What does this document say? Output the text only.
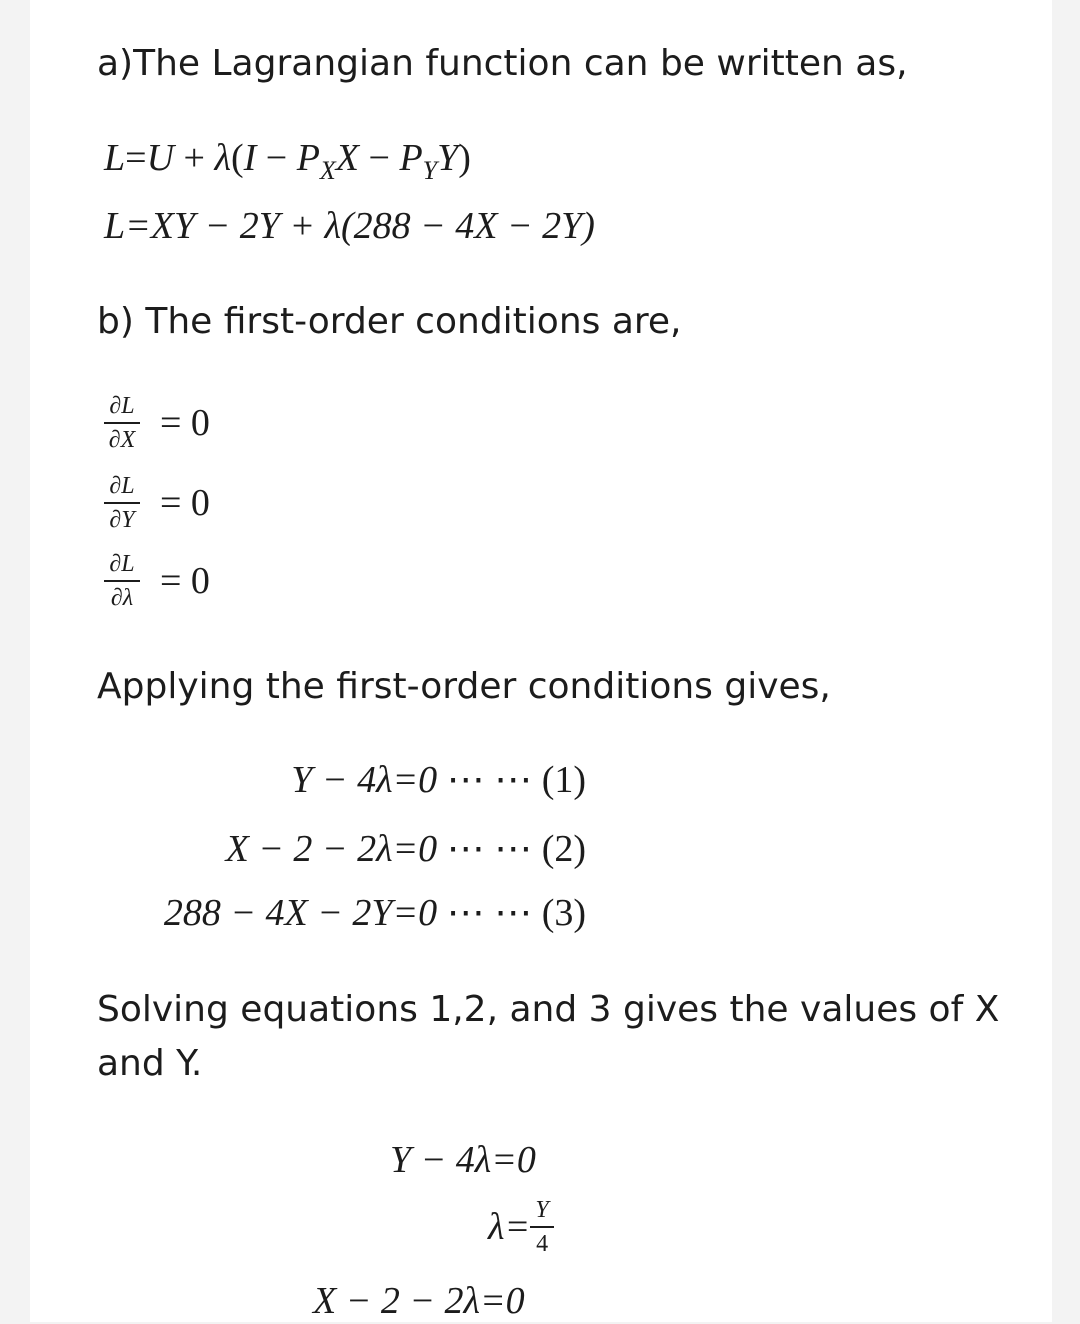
a)The Lagrangian function can be written as,
$L=U + \lambda(I - P_XX - P_YY)$
L=XY − 2Y + λ(288 − 4X − 2Y)
b) The first-order conditions are,
$\frac{\partial L}{\partial X} = 0$
$\frac{\partial L}{\partial Y} = 0$
$\frac{\partial L}{\partial\lambda} = 0$
Applying the first-order conditions gives,
Y − 4λ=0 ⋯ ⋯ (1)
X − 2 − 2λ=0 ⋯ ⋯ (2)
288 − 4X − 2Y=0 ⋯ ⋯ (3)
Solving equations 1,2, and 3 gives the values of X
and Y.
Y − 4λ=0
$\lambda= \frac{Y}{4}$
X − 2 − 2λ=0
